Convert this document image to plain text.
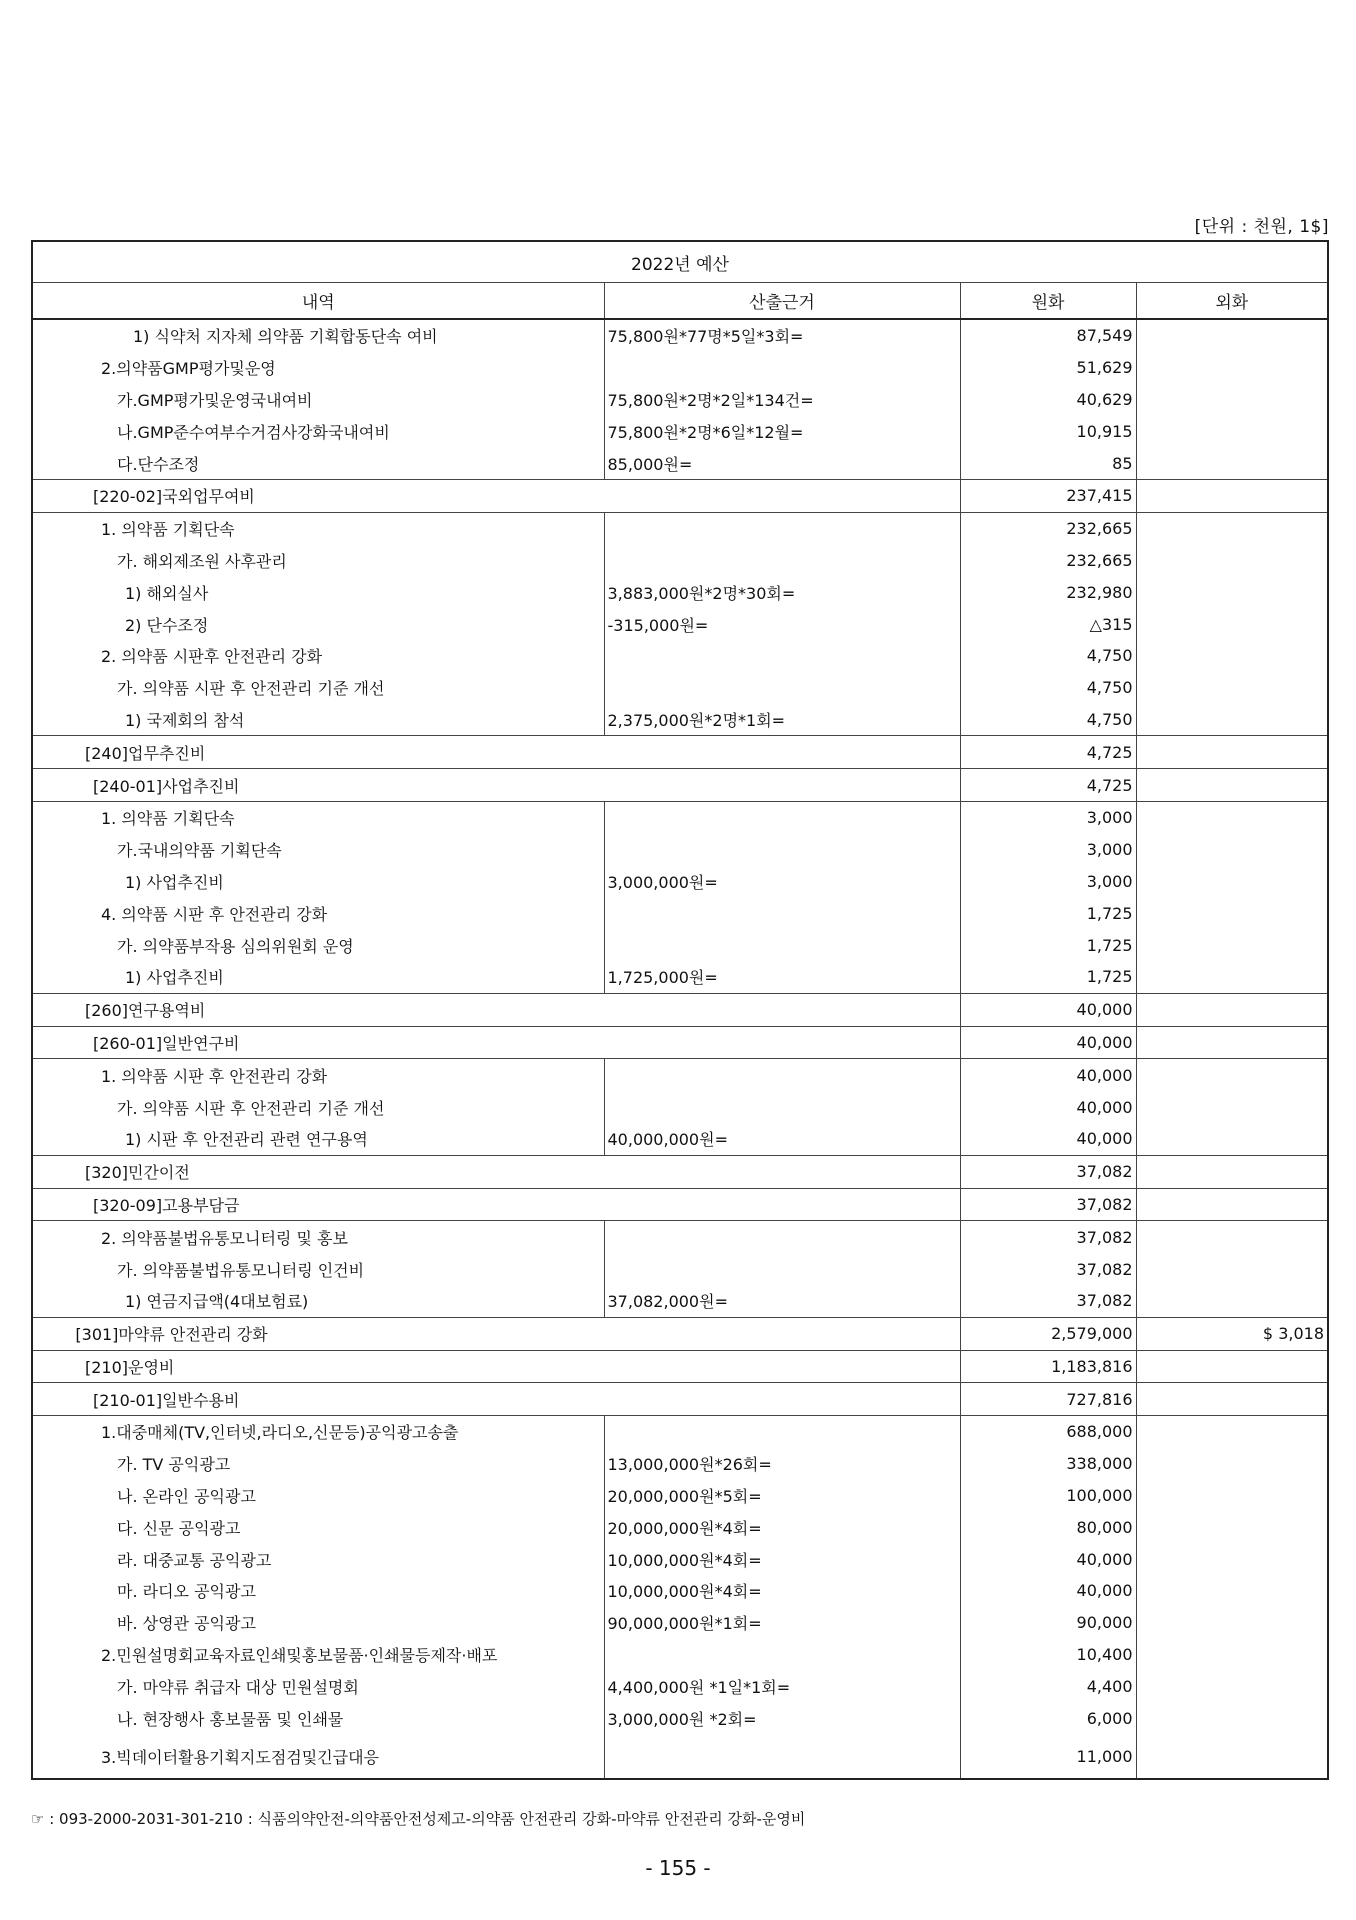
[단위 : 천원, 1$]
2022년 예산			
내역	산출근거	원화	외화
1) 식약처 지자체 의약품 기획합동단속 여비	75,800원*77명*5일*3회=	87,549	
2.의약품GMP평가및운영		51,629	
가.GMP평가및운영국내여비	75,800원*2명*2일*134건=	40,629	
나.GMP준수여부수거검사강화국내여비	75,800원*2명*6일*12월=	10,915	
다.단수조정	85,000원=	85	
[220-02]국외업무여비		237,415	
1. 의약품 기획단속		232,665	
가. 해외제조원 사후관리		232,665	
1) 해외실사	3,883,000원*2명*30회=	232,980	
2) 단수조정	-315,000원=	△315	
2. 의약품 시판후 안전관리 강화		4,750	
가. 의약품 시판 후 안전관리 기준 개선		4,750	
1) 국제회의 참석	2,375,000원*2명*1회=	4,750	
[240]업무추진비		4,725	
[240-01]사업추진비		4,725	
1. 의약품 기획단속		3,000	
가.국내의약품 기획단속		3,000	
1) 사업추진비	3,000,000원=	3,000	
4. 의약품 시판 후 안전관리 강화		1,725	
가. 의약품부작용 심의위원회 운영		1,725	
1) 사업추진비	1,725,000원=	1,725	
[260]연구용역비		40,000	
[260-01]일반연구비		40,000	
1. 의약품 시판 후 안전관리 강화		40,000	
가. 의약품 시판 후 안전관리 기준 개선		40,000	
1) 시판 후 안전관리 관련 연구용역	40,000,000원=	40,000	
[320]민간이전		37,082	
[320-09]고용부담금		37,082	
2. 의약품불법유통모니터링 및 홍보		37,082	
가. 의약품불법유통모니터링 인건비		37,082	
1) 연금지급액(4대보험료)	37,082,000원=	37,082	
[301]마약류 안전관리 강화		2,579,000	$ 3,018
[210]운영비		1,183,816	
[210-01]일반수용비		727,816	
1.대중매체(TV,인터넷,라디오,신문등)공익광고송출		688,000	
가. TV 공익광고	13,000,000원*26회=	338,000	
나. 온라인 공익광고	20,000,000원*5회=	100,000	
다. 신문 공익광고	20,000,000원*4회=	80,000	
라. 대중교통 공익광고	10,000,000원*4회=	40,000	
마. 라디오 공익광고	10,000,000원*4회=	40,000	
바. 상영관 공익광고	90,000,000원*1회=	90,000	
2.민원설명회교육자료인쇄및홍보물품·인쇄물등제작·배포		10,400	
가. 마약류 취급자 대상 민원설명회	4,400,000원 *1일*1회=	4,400	
나. 현장행사 홍보물품 및 인쇄물	3,000,000원 *2회=	6,000	
3.빅데이터활용기획지도점검및긴급대응		11,000	
☞ : 093-2000-2031-301-210 : 식품의약안전-의약품안전성제고-의약품 안전관리 강화-마약류 안전관리 강화-운영비
- 155 -
